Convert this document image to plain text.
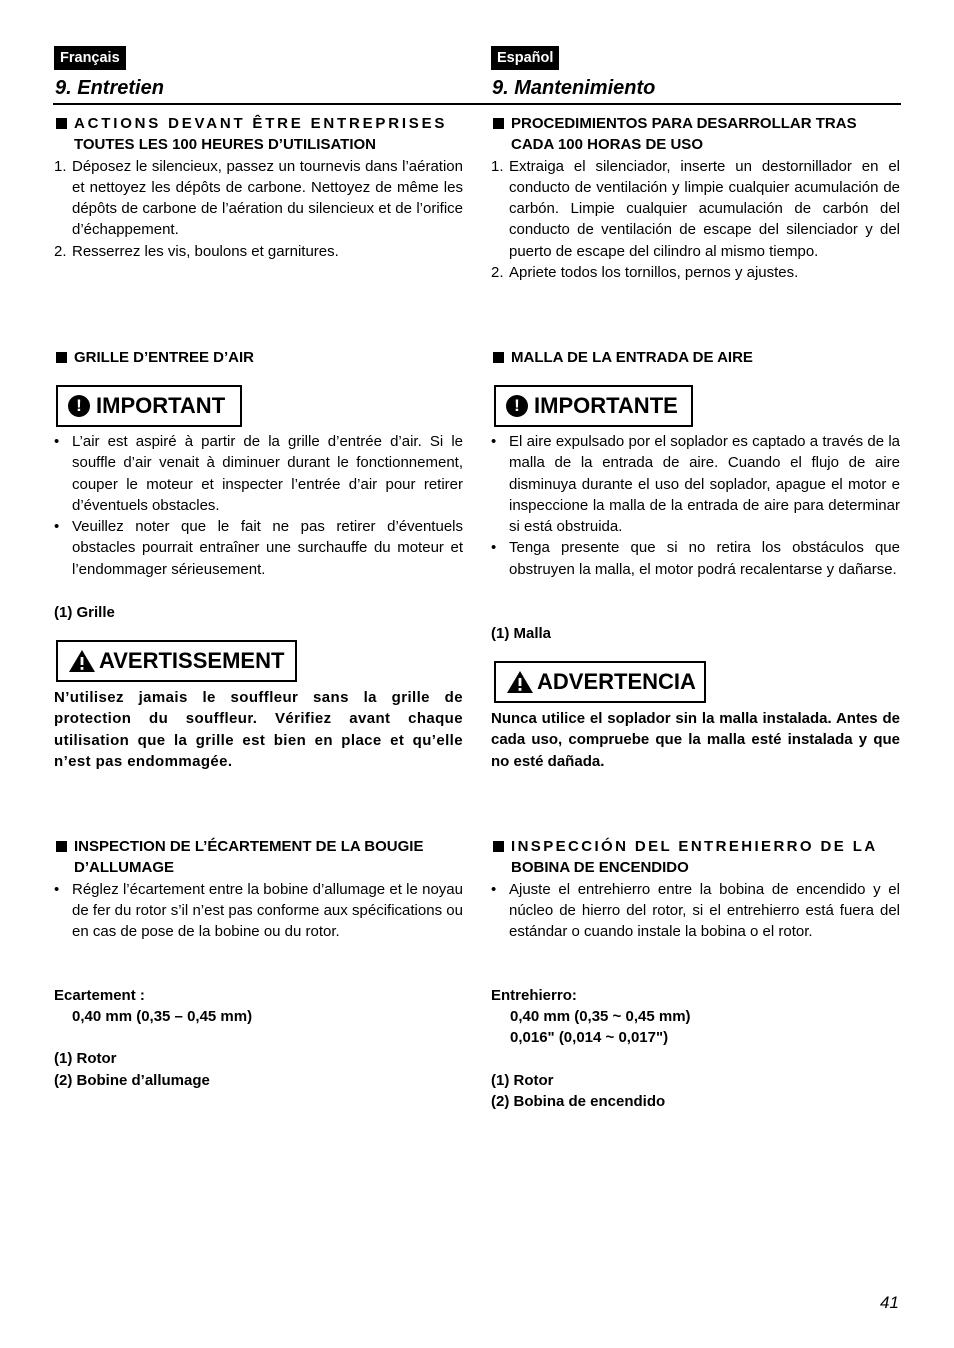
Français	Español
9. Entretien	9. Mantenimiento
ACTIONS DEVANT ÊTRE ENTREPRISES
TOUTES LES 100 HEURES D’UTILISATION
1. Déposez le silencieux, passez un tournevis dans l’aération et nettoyez les dépôts de carbone. Nettoyez de même les dépôts de carbone de l’aération du silencieux et de l’orifice d’échappement.
2. Resserrez les vis, boulons et garnitures.
GRILLE D’ENTREE D’AIR
! IMPORTANT
• L’air est aspiré à partir de la grille d’entrée d’air. Si le souffle d’air venait à diminuer durant le fonctionnement, couper le moteur et inspecter l’entrée d’air pour retirer d’éventuels obstacles.
• Veuillez noter que le fait ne pas retirer d’éventuels obstacles pourrait entraîner une surchauffe du moteur et l’endommager sérieusement.
(1) Grille
AVERTISSEMENT
N’utilisez jamais le souffleur sans la grille de protection du souffleur. Vérifiez avant chaque utilisation que la grille est bien en place et qu’elle n’est pas endommagée.
INSPECTION DE L’ÉCARTEMENT DE LA BOUGIE
D’ALLUMAGE
• Réglez l’écartement entre la bobine d’allumage et le noyau de fer du rotor s’il n’est pas conforme aux spécifications ou en cas de pose de la bobine ou du rotor.
Ecartement :
0,40 mm (0,35 – 0,45 mm)
(1) Rotor
(2) Bobine d’allumage
PROCEDIMIENTOS PARA DESARROLLAR TRAS
CADA 100 HORAS DE USO
1. Extraiga el silenciador, inserte un destornillador en el conducto de ventilación y limpie cualquier acumulación de carbón. Limpie cualquier acumulación de carbón del conducto de ventilación de escape del silenciador y del puerto de escape del cilindro al mismo tiempo.
2. Apriete todos los tornillos, pernos y ajustes.
MALLA DE LA ENTRADA DE AIRE
! IMPORTANTE
• El aire expulsado por el soplador es captado a través de la malla de la entrada de aire. Cuando el flujo de aire disminuya durante el uso del soplador, apague el motor e inspeccione la malla de la entrada de aire para determinar si está obstruida.
• Tenga presente que si no retira los obstáculos que obstruyen la malla, el motor podrá recalentarse y dañarse.
(1) Malla
ADVERTENCIA
Nunca utilice el soplador sin la malla instalada. Antes de cada uso, compruebe que la malla esté instalada y que no esté dañada.
INSPECCIÓN DEL ENTREHIERRO DE LA
BOBINA DE ENCENDIDO
• Ajuste el entrehierro entre la bobina de encendido y el núcleo de hierro del rotor, si el entrehierro está fuera del estándar o cuando instale la bobina o el rotor.
Entrehierro:
0,40 mm (0,35 ~ 0,45 mm)
0,016" (0,014 ~ 0,017")
(1) Rotor
(2) Bobina de encendido
41
